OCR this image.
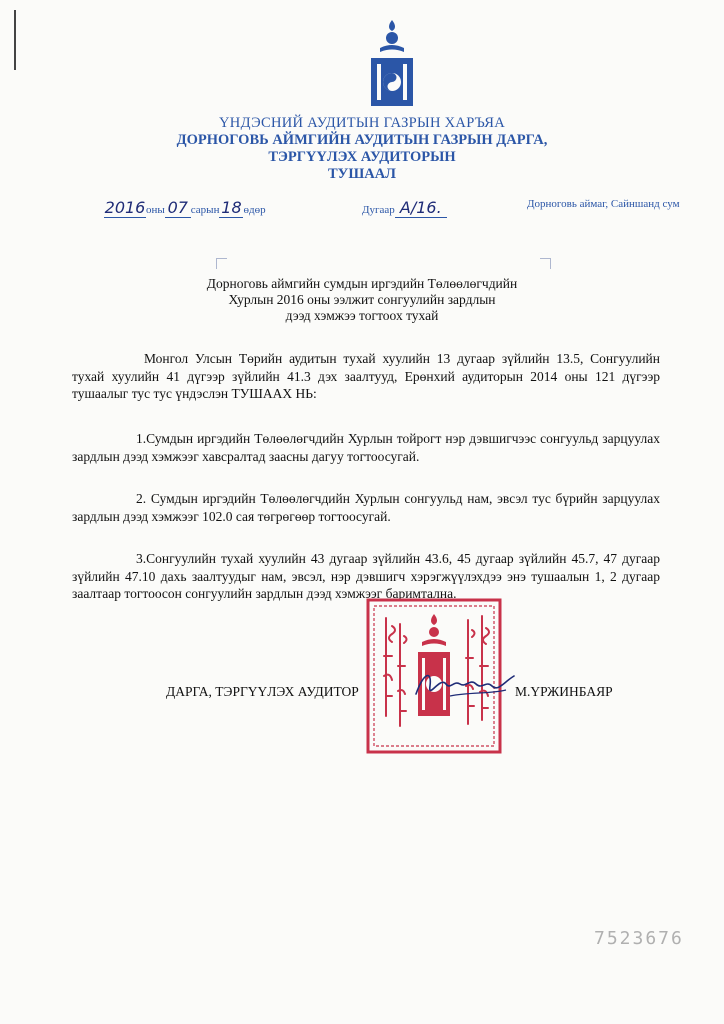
ҮНДЭСНИЙ АУДИТЫН ГАЗРЫН ХАРЪЯА
ДОРНОГОВЬ АЙМГИЙН АУДИТЫН ГАЗРЫН ДАРГА,
ТЭРГҮҮЛЭХ АУДИТОРЫН
ТУШААЛ
2016оны 07 сарын 18 өдөр	Дугаар А/16.	Дорноговь аймаг, Сайншанд сум
Дорноговь аймгийн сумдын иргэдийн Төлөөлөгчдийн
Хурлын 2016 оны ээлжит сонгуулийн зардлын
дээд хэмжээ тогтоох тухай
Монгол Улсын Төрийн аудитын тухай хуулийн 13 дугаар зүйлийн 13.5, Сонгуулийн тухай хуулийн 41 дүгээр зүйлийн 41.3 дэх заалтууд, Ерөнхий аудиторын 2014 оны 121 дүгээр тушаалыг тус тус үндэслэн ТУШААХ НЬ:
1.Сумдын иргэдийн Төлөөлөгчдийн Хурлын тойрогт нэр дэвшигчээс сонгуульд зарцуулах зардлын дээд хэмжээг хавсралтад заасны дагуу тогтоосугай.
2. Сумдын иргэдийн Төлөөлөгчдийн Хурлын сонгуульд нам, эвсэл тус бүрийн зарцуулах зардлын дээд хэмжээг 102.0 сая төгрөгөөр тогтоосугай.
3.Сонгуулийн тухай хуулийн 43 дугаар зүйлийн 43.6, 45 дугаар зүйлийн 45.7, 47 дугаар зүйлийн 47.10 дахь заалтуудыг нам, эвсэл, нэр дэвшигч хэрэгжүүлэхдээ энэ тушаалын 1, 2 дугаар заалтаар тогтоосон сонгуулийн зардлын дээд хэмжээг баримталнa.
ДАРГА, ТЭРГҮҮЛЭХ АУДИТОР	М.ҮРЖИНБАЯР
7523676
